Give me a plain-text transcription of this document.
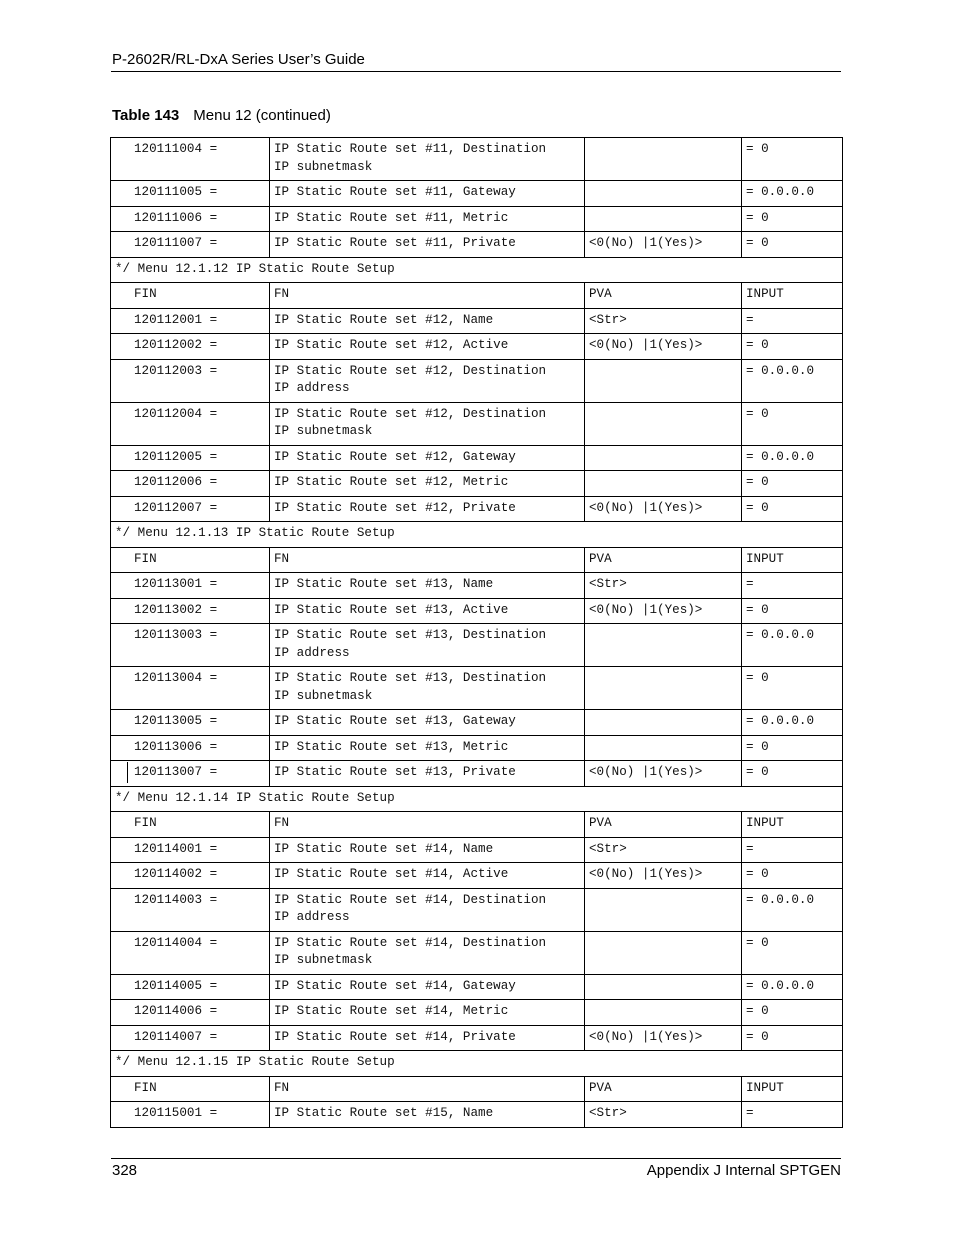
P-2602R/RL-DxA Series User’s Guide
Table 143 Menu 12 (continued)
120111004 =	IP Static Route set #11, Destination
IP subnetmask		= 0
120111005 =	IP Static Route set #11, Gateway		= 0.0.0.0
120111006 =	IP Static Route set #11, Metric		= 0
120111007 =	IP Static Route set #11, Private	<0(No) |1(Yes)>	= 0
*/ Menu 12.1.12 IP Static Route Setup			
FIN	FN	PVA	INPUT
120112001 =	IP Static Route set #12, Name	<Str>	=
120112002 =	IP Static Route set #12, Active	<0(No) |1(Yes)>	= 0
120112003 =	IP Static Route set #12, Destination
IP address		= 0.0.0.0
120112004 =	IP Static Route set #12, Destination
IP subnetmask		= 0
120112005 =	IP Static Route set #12, Gateway		= 0.0.0.0
120112006 =	IP Static Route set #12, Metric		= 0
120112007 =	IP Static Route set #12, Private	<0(No) |1(Yes)>	= 0
*/ Menu 12.1.13 IP Static Route Setup			
FIN	FN	PVA	INPUT
120113001 =	IP Static Route set #13, Name	<Str>	=
120113002 =	IP Static Route set #13, Active	<0(No) |1(Yes)>	= 0
120113003 =	IP Static Route set #13, Destination
IP address		= 0.0.0.0
120113004 =	IP Static Route set #13, Destination
IP subnetmask		= 0
120113005 =	IP Static Route set #13, Gateway		= 0.0.0.0
120113006 =	IP Static Route set #13, Metric		= 0
120113007 =	IP Static Route set #13, Private	<0(No) |1(Yes)>	= 0
*/ Menu 12.1.14 IP Static Route Setup			
FIN	FN	PVA	INPUT
120114001 =	IP Static Route set #14, Name	<Str>	=
120114002 =	IP Static Route set #14, Active	<0(No) |1(Yes)>	= 0
120114003 =	IP Static Route set #14, Destination
IP address		= 0.0.0.0
120114004 =	IP Static Route set #14, Destination
IP subnetmask		= 0
120114005 =	IP Static Route set #14, Gateway		= 0.0.0.0
120114006 =	IP Static Route set #14, Metric		= 0
120114007 =	IP Static Route set #14, Private	<0(No) |1(Yes)>	= 0
*/ Menu 12.1.15 IP Static Route Setup			
FIN	FN	PVA	INPUT
120115001 =	IP Static Route set #15, Name	<Str>	=
328	Appendix J Internal SPTGEN
